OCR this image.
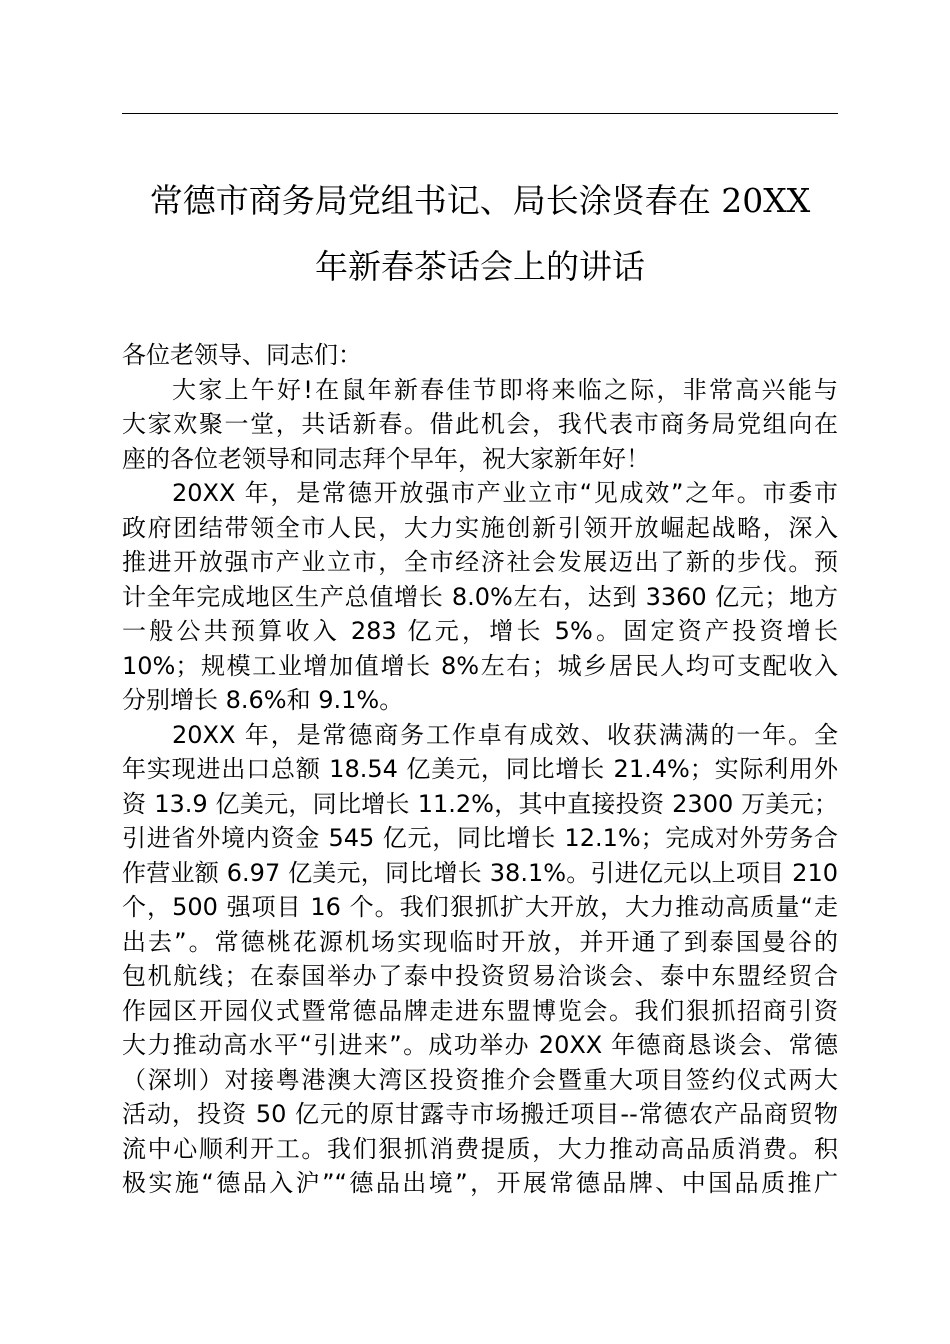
常德市商务局党组书记、局长涂贤春在 20XX
年新春茶话会上的讲话

各位老领导、同志们：

大家上午好!在鼠年新春佳节即将来临之际，非常高兴能与
大家欢聚一堂，共话新春。借此机会，我代表市商务局党组向在
座的各位老领导和同志拜个早年，祝大家新年好！

20XX 年，是常德开放强市产业立市“见成效”之年。市委市
政府团结带领全市人民，大力实施创新引领开放崛起战略，深入
推进开放强市产业立市，全市经济社会发展迈出了新的步伐。预
计全年完成地区生产总值增长 8.0%左右，达到 3360 亿元；地方
一般公共预算收入 283 亿元，增长 5%。固定资产投资增长
10%；规模工业增加值增长 8%左右；城乡居民人均可支配收入
分别增长 8.6%和 9.1%。

20XX 年，是常德商务工作卓有成效、收获满满的一年。全
年实现进出口总额 18.54 亿美元，同比增长 21.4%；实际利用外
资 13.9 亿美元，同比增长 11.2%，其中直接投资 2300 万美元；
引进省外境内资金 545 亿元，同比增长 12.1%；完成对外劳务合
作营业额 6.97 亿美元，同比增长 38.1%。引进亿元以上项目 210
个，500 强项目 16 个。我们狠抓扩大开放，大力推动高质量“走
出去”。常德桃花源机场实现临时开放，并开通了到泰国曼谷的
包机航线；在泰国举办了泰中投资贸易洽谈会、泰中东盟经贸合
作园区开园仪式暨常德品牌走进东盟博览会。我们狠抓招商引资
大力推动高水平“引进来”。成功举办 20XX 年德商恳谈会、常德
（深圳）对接粤港澳大湾区投资推介会暨重大项目签约仪式两大
活动，投资 50 亿元的原甘露寺市场搬迁项目--常德农产品商贸物
流中心顺利开工。我们狠抓消费提质，大力推动高品质消费。积
极实施“德品入沪”“德品出境”，开展常德品牌、中国品质推广
